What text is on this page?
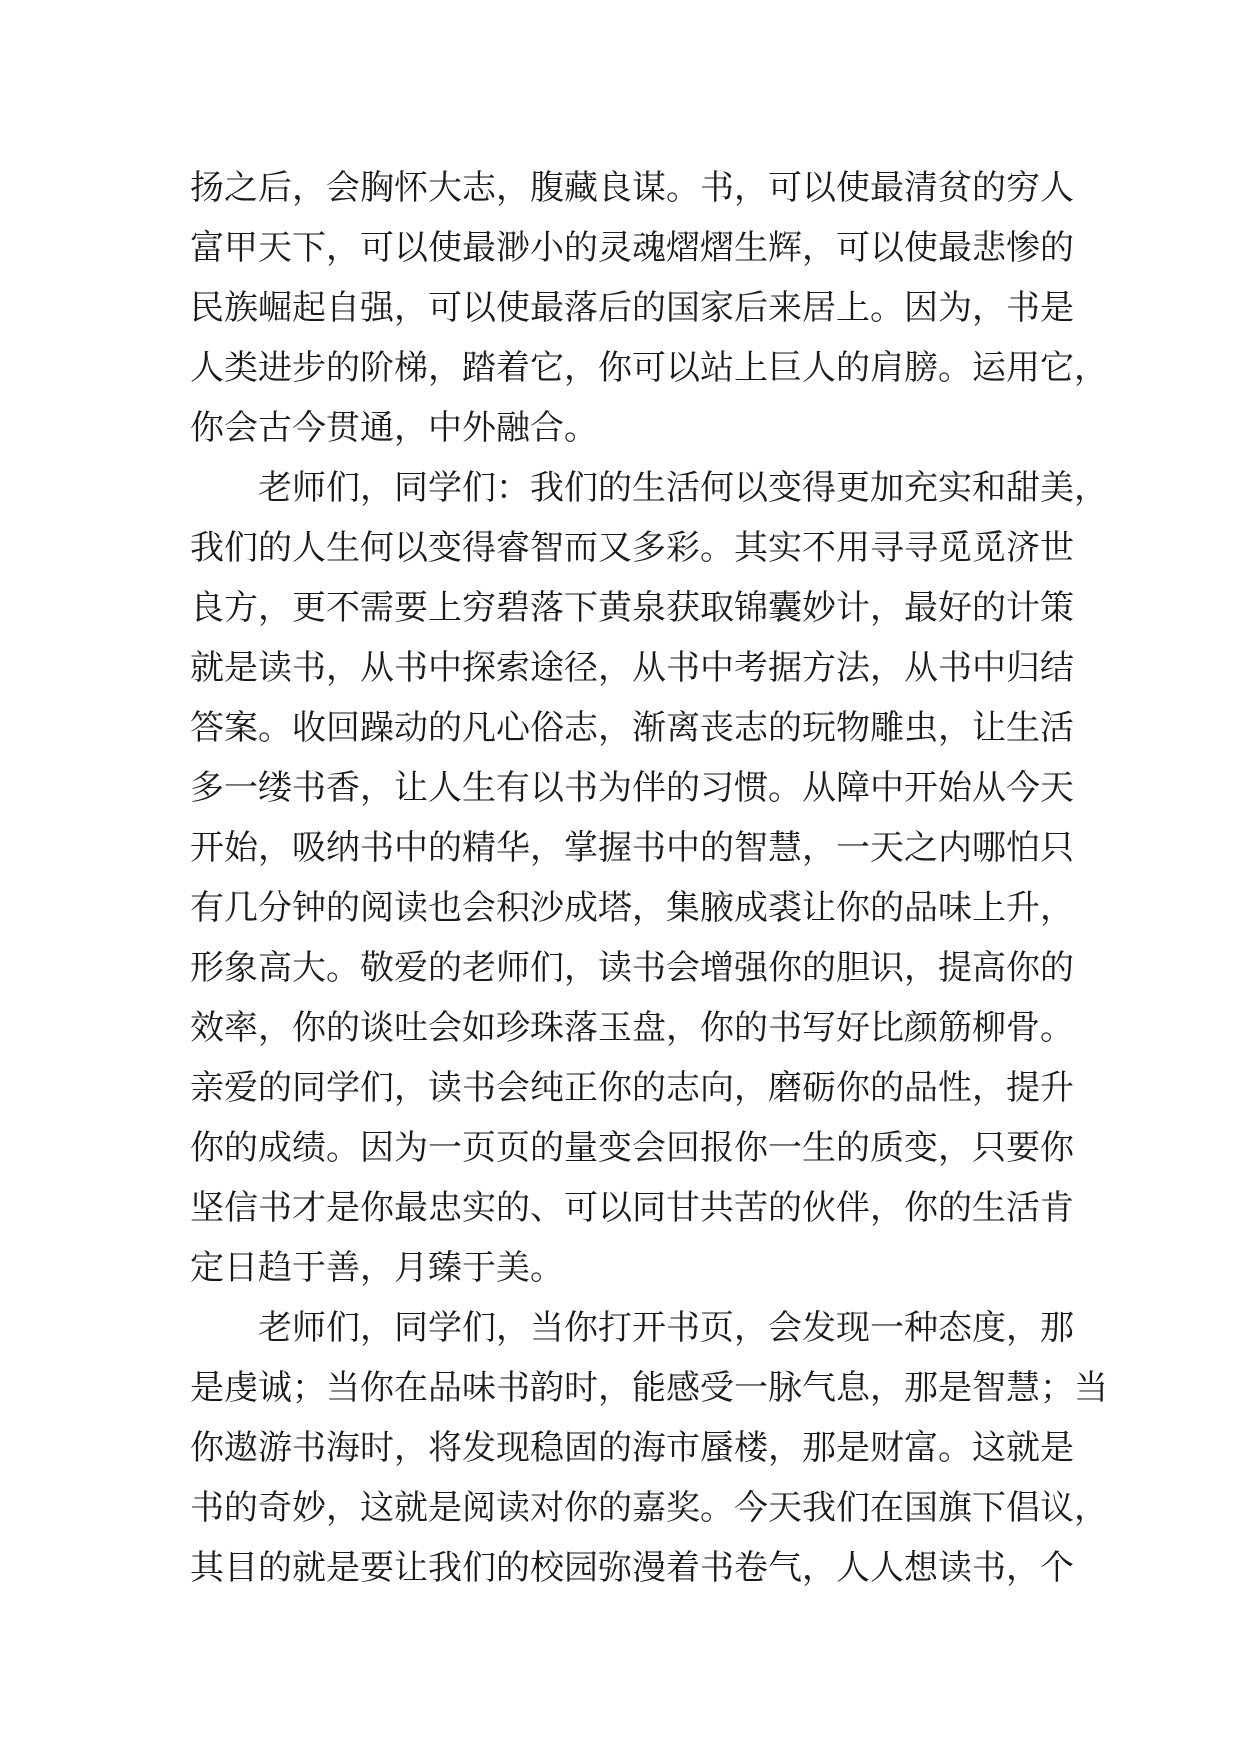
扬之后，会胸怀大志，腹藏良谋。书，可以使最清贫的穷人
富甲天下，可以使最渺小的灵魂熠熠生辉，可以使最悲惨的
民族崛起自强，可以使最落后的国家后来居上。因为，书是
人类进步的阶梯，踏着它，你可以站上巨人的肩膀。运用它，
你会古今贯通，中外融合。
老师们，同学们：我们的生活何以变得更加充实和甜美，
我们的人生何以变得睿智而又多彩。其实不用寻寻觅觅济世
良方，更不需要上穷碧落下黄泉获取锦囊妙计，最好的计策
就是读书，从书中探索途径，从书中考据方法，从书中归结
答案。收回躁动的凡心俗志，渐离丧志的玩物雕虫，让生活
多一缕书香，让人生有以书为伴的习惯。从障中开始从今天
开始，吸纳书中的精华，掌握书中的智慧，一天之内哪怕只
有几分钟的阅读也会积沙成塔，集腋成裘让你的品味上升，
形象高大。敬爱的老师们，读书会增强你的胆识，提高你的
效率，你的谈吐会如珍珠落玉盘，你的书写好比颜筋柳骨。
亲爱的同学们，读书会纯正你的志向，磨砺你的品性，提升
你的成绩。因为一页页的量变会回报你一生的质变，只要你
坚信书才是你最忠实的、可以同甘共苦的伙伴，你的生活肯
定日趋于善，月臻于美。
老师们，同学们，当你打开书页，会发现一种态度，那
是虔诚；当你在品味书韵时，能感受一脉气息，那是智慧；当
你遨游书海时，将发现稳固的海市蜃楼，那是财富。这就是
书的奇妙，这就是阅读对你的嘉奖。今天我们在国旗下倡议，
其目的就是要让我们的校园弥漫着书卷气，人人想读书，个
